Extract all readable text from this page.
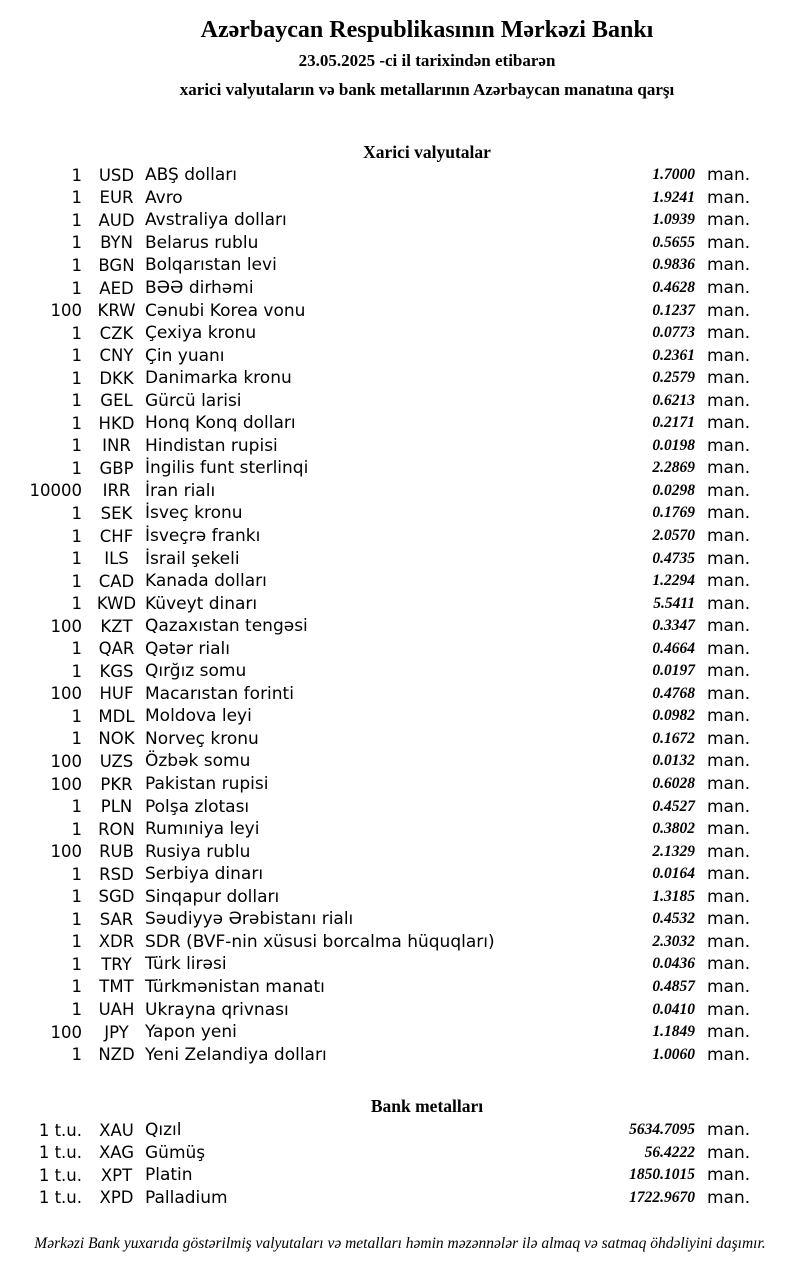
Azərbaycan Respublikasının Mərkəzi Bankı
23.05.2025 -ci il tarixindən etibarən
xarici valyutaların və bank metallarının Azərbaycan manatına qarşı
Xarici valyutalar
1	USD ABŞ dolları	1.7000 man.
1	EUR Avro	1.9241 man.
1 AUD Avstraliya dolları	1.0939 man.
1	BYN Belarus rublu	0.5655 man.
1 BGN Bolqarıstan levi	0.9836 man.
1	AED BƏƏ dirhəmi	0.4628 man.
100 KRW Cənubi Korea vonu	0.1237 man.
1	CZK Çexiya kronu	0.0773 man.
1	CNY Çin yuanı	0.2361 man.
1	DKK Danimarka kronu	0.2579 man.
1	GEL Gürcü larisi	0.6213 man.
1	HKD Honq Konq dolları	0.2171 man.
1	INR Hindistan rupisi	0.0198 man.
1	GBP İngilis funt sterlinqi	2.2869 man.
10000	IRR İran rialı	0.0298 man.
1	SEK İsveç kronu	0.1769 man.
1	CHF İsveçrə frankı	2.0570 man.
1	ILS İsrail şekeli	0.4735 man.
1	CAD Kanada dolları	1.2294 man.
1 KWD Küveyt dinarı	5.5411 man.
100	KZT Qazaxıstan tengəsi	0.3347 man.
1	QAR Qətər rialı	0.4664 man.
1	KGS Qırğız somu	0.0197 man.
100	HUF Macarıstan forinti	0.4768 man.
1 MDL Moldova leyi	0.0982 man.
1 NOK Norveç kronu	0.1672 man.
100	UZS Özbək somu	0.0132 man.
100	PKR Pakistan rupisi	0.6028 man.
1	PLN Polşa zlotası	0.4527 man.
1 RON Rumıniya leyi	0.3802 man.
100	RUB Rusiya rublu	2.1329 man.
1	RSD Serbiya dinarı	0.0164 man.
1	SGD Sinqapur dolları	1.3185 man.
1	SAR Səudiyyə Ərəbistanı rialı	0.4532 man.
1	XDR SDR (BVF-nin xüsusi borcalma hüquqları)	2.3032 man.
1	TRY Türk lirəsi	0.0436 man.
1	TMT Türkmənistan manatı	0.4857 man.
1	UAH Ukrayna qrivnası	0.0410 man.
100	JPY Yapon yeni	1.1849 man.
1 NZD Yeni Zelandiya dolları	1.0060 man.
Bank metalları
1 t.u.	XAU Qızıl	5634.7095 man.
1 t.u.	XAG Gümüş	56.4222 man.
1 t.u.	XPT Platin	1850.1015 man.
1 t.u.	XPD Palladium	1722.9670 man.
Mərkəzi Bank yuxarıda göstərilmiş valyutaları və metalları həmin məzənnələr ilə almaq və satmaq öhdəliyini daşımır.
